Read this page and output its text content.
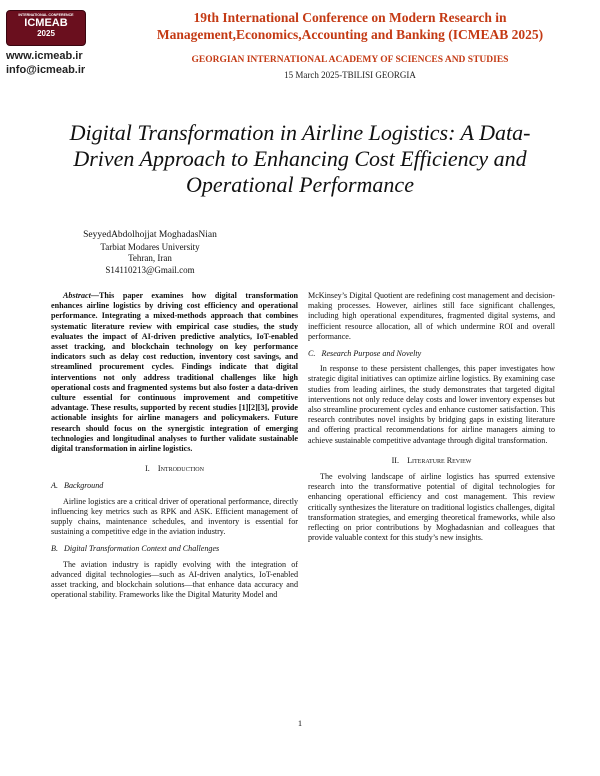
INTERNATIONAL CONFERENCE
ICMEAB
2025
www.icmeab.ir
info@icmeab.ir
19th International Conference on Modern Research in
Management,Economics,Accounting and Banking (ICMEAB 2025)
GEORGIAN INTERNATIONAL ACADEMY OF SCIENCES AND STUDIES
15 March 2025-TBILISI GEORGIA
Digital Transformation in Airline Logistics: A Data-Driven Approach to Enhancing Cost Efficiency and Operational Performance
SeyyedAbdolhojjat MoghadasNian
Tarbiat Modares University
Tehran, Iran
S14110213@Gmail.com

Abstract—This paper examines how digital transformation enhances airline logistics by driving cost efficiency and operational performance. Integrating a mixed-methods approach that combines systematic literature review with empirical case studies, the study evaluates the impact of AI-driven predictive analytics, IoT-enabled asset tracking, and blockchain technology on key performance indicators such as delay cost reduction, inventory cost savings, and streamlined procurement cycles. Findings indicate that digital interventions not only address traditional challenges like high operational costs and fragmented systems but also foster a data-driven culture essential for continuous improvement and competitive advantage. These results, supported by recent studies [1][2][3], provide actionable insights for airline managers and policymakers. Future research should focus on the synergistic integration of emerging technologies and longitudinal analyses to further validate sustainable digital transformation in airline logistics.

I. Introduction
A. Background

Airline logistics are a critical driver of operational performance, directly influencing key metrics such as RPK and ASK. Efficient management of supply chains, maintenance schedules, and inventory is essential for sustaining a competitive edge in the aviation industry.

B. Digital Transformation Context and Challenges

The aviation industry is rapidly evolving with the integration of advanced digital technologies—such as AI-driven analytics, IoT-enabled asset tracking, and blockchain solutions—that enhance data accuracy and operational stability. Frameworks like the Digital Maturity Model and

McKinsey’s Digital Quotient are redefining cost management and decision-making processes. However, airlines still face significant challenges, including high operational expenditures, fragmented digital systems, and inefficient resource allocation, all of which undermine ROI and overall performance.

C. Research Purpose and Novelty

In response to these persistent challenges, this paper investigates how strategic digital initiatives can optimize airline logistics. By examining case studies from leading airlines, the study demonstrates that targeted digital interventions not only reduce delay costs and lower inventory expenses but also streamline procurement cycles and enhance customer satisfaction. This research contributes novel insights by bridging gaps in existing literature and offering practical recommendations for airline managers aiming to achieve sustainable competitive advantage through digital transformation.

II. Literature Review

The evolving landscape of airline logistics has spurred extensive research into the transformative potential of digital technologies for enhancing operational efficiency and cost management. This review critically synthesizes the literature on traditional logistics challenges, digital transformation strategies, and emerging theoretical frameworks, while also reflecting on prior contributions by Moghadasnian and colleagues that provide valuable context for this study’s new insights.

1
